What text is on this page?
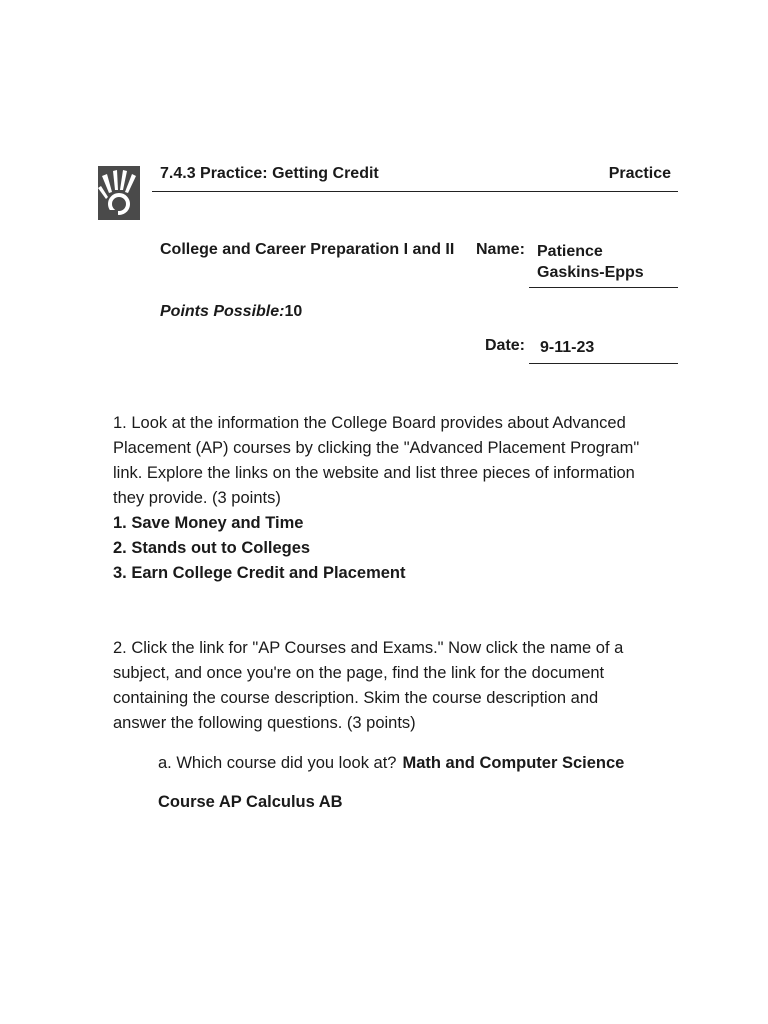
7.4.3 Practice: Getting Credit	Practice
College and Career Preparation I and II Name: Patience
Gaskins-Epps
Points Possible:10
Date: 9-11-23
1. Look at the information the College Board provides about Advanced
Placement (AP) courses by clicking the "Advanced Placement Program"
link. Explore the links on the website and list three pieces of information
they provide. (3 points)
1. Save Money and Time
2. Stands out to Colleges
3. Earn College Credit and Placement
2. Click the link for "AP Courses and Exams." Now click the name of a
subject, and once you're on the page, find the link for the document
containing the course description. Skim the course description and
answer the following questions. (3 points)
a. Which course did you look at? Math and Computer Science
Course AP Calculus AB
